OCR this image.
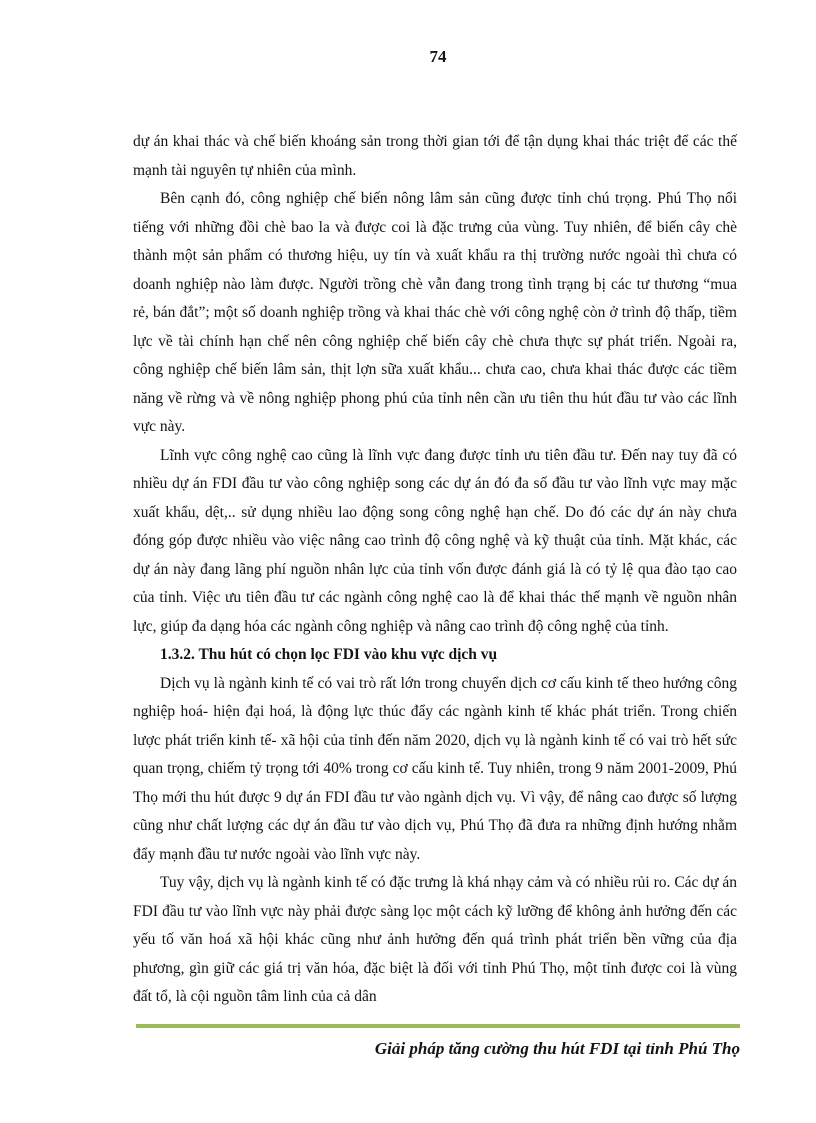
74

dự án khai thác và chế biến khoáng sản trong thời gian tới để tận dụng khai thác triệt để các thế mạnh tài nguyên tự nhiên của mình.

Bên cạnh đó, công nghiệp chế biến nông lâm sản cũng được tỉnh chú trọng. Phú Thọ nổi tiếng với những đồi chè bao la và được coi là đặc trưng của vùng. Tuy nhiên, để biến cây chè thành một sản phẩm có thương hiệu, uy tín và xuất khẩu ra thị trường nước ngoài thì chưa có doanh nghiệp nào làm được. Người trồng chè vẫn đang trong tình trạng bị các tư thương “mua rẻ, bán đắt”; một số doanh nghiệp trồng và khai thác chè với công nghệ còn ở trình độ thấp, tiềm lực về tài chính hạn chế nên công nghiệp chế biến cây chè chưa thực sự phát triển. Ngoài ra, công nghiệp chế biến lâm sản, thịt lợn sữa xuất khẩu... chưa cao, chưa khai thác được các tiềm năng về rừng và về nông nghiệp phong phú của tỉnh nên cần ưu tiên thu hút đầu tư vào các lĩnh vực này.

Lĩnh vực công nghệ cao cũng là lĩnh vực đang được tỉnh ưu tiên đầu tư. Đến nay tuy đã có nhiều dự án FDI đầu tư vào công nghiệp song các dự án đó đa số đầu tư vào lĩnh vực may mặc xuất khẩu, dệt,.. sử dụng nhiều lao động song công nghệ hạn chế. Do đó các dự án này chưa đóng góp được nhiều vào việc nâng cao trình độ công nghệ và kỹ thuật của tỉnh. Mặt khác, các dự án này đang lãng phí nguồn nhân lực của tỉnh vốn được đánh giá là có tỷ lệ qua đào tạo cao của tỉnh. Việc ưu tiên đầu tư các ngành công nghệ cao là để khai thác thế mạnh về nguồn nhân lực, giúp đa dạng hóa các ngành công nghiệp và nâng cao trình độ công nghệ của tỉnh.

1.3.2. Thu hút có chọn lọc FDI vào khu vực dịch vụ

Dịch vụ là ngành kinh tế có vai trò rất lớn trong chuyển dịch cơ cấu kinh tế theo hướng công nghiệp hoá- hiện đại hoá, là động lực thúc đẩy các ngành kinh tế khác phát triển. Trong chiến lược phát triển kinh tế- xã hội của tỉnh đến năm 2020, dịch vụ là ngành kinh tế có vai trò hết sức quan trọng, chiếm tỷ trọng tới 40% trong cơ cấu kinh tế. Tuy nhiên, trong 9 năm 2001-2009, Phú Thọ mới thu hút được 9 dự án FDI đầu tư vào ngành dịch vụ. Vì vậy, để nâng cao được số lượng cũng như chất lượng các dự án đầu tư vào dịch vụ, Phú Thọ đã đưa ra những định hướng nhằm đẩy mạnh đầu tư nước ngoài vào lĩnh vực này.

Tuy vậy, dịch vụ là ngành kinh tế có đặc trưng là khá nhạy cảm và có nhiều rủi ro. Các dự án FDI đầu tư vào lĩnh vực này phải được sàng lọc một cách kỹ lưỡng để không ảnh hưởng đến các yếu tố văn hoá xã hội khác cũng như ảnh hưởng đến quá trình phát triển bền vững của địa phương, gìn giữ các giá trị văn hóa, đặc biệt là đối với tỉnh Phú Thọ, một tỉnh được coi là vùng đất tổ, là cội nguồn tâm linh của cả dân

Giải pháp tăng cường thu hút FDI tại tỉnh Phú Thọ
